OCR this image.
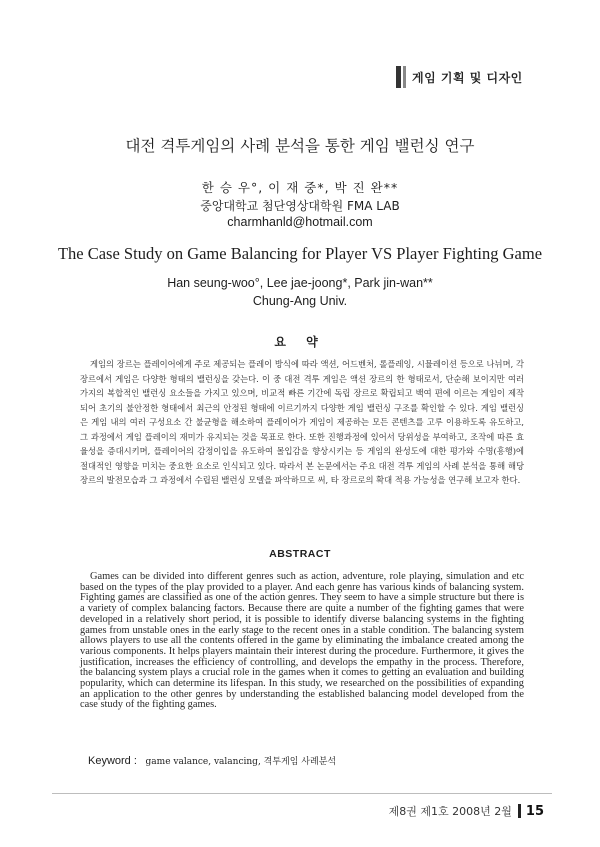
게임 기획 및 디자인
대전 격투게임의 사례 분석을 통한 게임 밸런싱 연구
한 승 우°, 이 재 중*, 박 진 완**
중앙대학교 첨단영상대학원 FMA LAB
charmhanld@hotmail.com
The Case Study on Game Balancing for Player VS Player Fighting Game
Han seung-woo°, Lee jae-joong*, Park jin-wan**
Chung-Ang Univ.
요 약
게임의 장르는 플레이어에게 주로 제공되는 플레이 방식에 따라 액션, 어드벤처, 롤플레잉, 시뮬레이션 등으로 나뉘며, 각 장르에서 게임은 다양한 형태의 밸런싱을 갖는다. 이 중 대전 격투 게임은 액션 장르의 한 형태로서, 단순해 보이지만 여러 가지의 복합적인 밸런싱 요소들을 가지고 있으며, 비교적 빠른 기간에 독립 장르로 확립되고 백여 편에 이르는 게임이 제작되어 초기의 불안정한 형태에서 최근의 안정된 형태에 이르기까지 다양한 게임 밸런싱 구조를 확인할 수 있다. 게임 밸런싱은 게임 내의 여러 구성요소 간 불균형을 해소하여 플레이어가 게임이 제공하는 모든 콘텐츠를 고루 이용하도록 유도하고, 그 과정에서 게임 플레이의 재미가 유지되는 것을 목표로 한다. 또한 진행과정에 있어서 당위성을 부여하고, 조작에 따른 효율성을 증대시키며, 플레이어의 감정이입을 유도하여 몰입감을 향상시키는 등 게임의 완성도에 대한 평가와 수명(흥행)에 절대적인 영향을 미치는 중요한 요소로 인식되고 있다. 따라서 본 논문에서는 주요 대전 격투 게임의 사례 분석을 통해 해당 장르의 발전모습과 그 과정에서 수립된 밸런싱 모델을 파악하므로 써, 타 장르로의 확대 적용 가능성을 연구해 보고자 한다.
ABSTRACT
Games can be divided into different genres such as action, adventure, role playing, simulation and etc based on the types of the play provided to a player. And each genre has various kinds of balancing system. Fighting games are classified as one of the action genres. They seem to have a simple structure but there is a variety of complex balancing factors. Because there are quite a number of the fighting games that were developed in a relatively short period, it is possible to identify diverse balancing systems in the fighting games from unstable ones in the early stage to the recent ones in a stable condition. The balancing system allows players to use all the contents offered in the game by eliminating the imbalance created among the various components. It helps players maintain their interest during the procedure. Furthermore, it gives the justification, increases the efficiency of controlling, and develops the empathy in the process. Therefore, the balancing system plays a crucial role in the games when it comes to getting an evaluation and building popularity, which can determine its lifespan. In this study, we researched on the possibilities of expanding an application to the other genres by understanding the established balancing model developed from the case study of the fighting games.
Keyword : game valance, valancing, 격투게임 사례분석
제8권 제1호 2008년 2월 15
